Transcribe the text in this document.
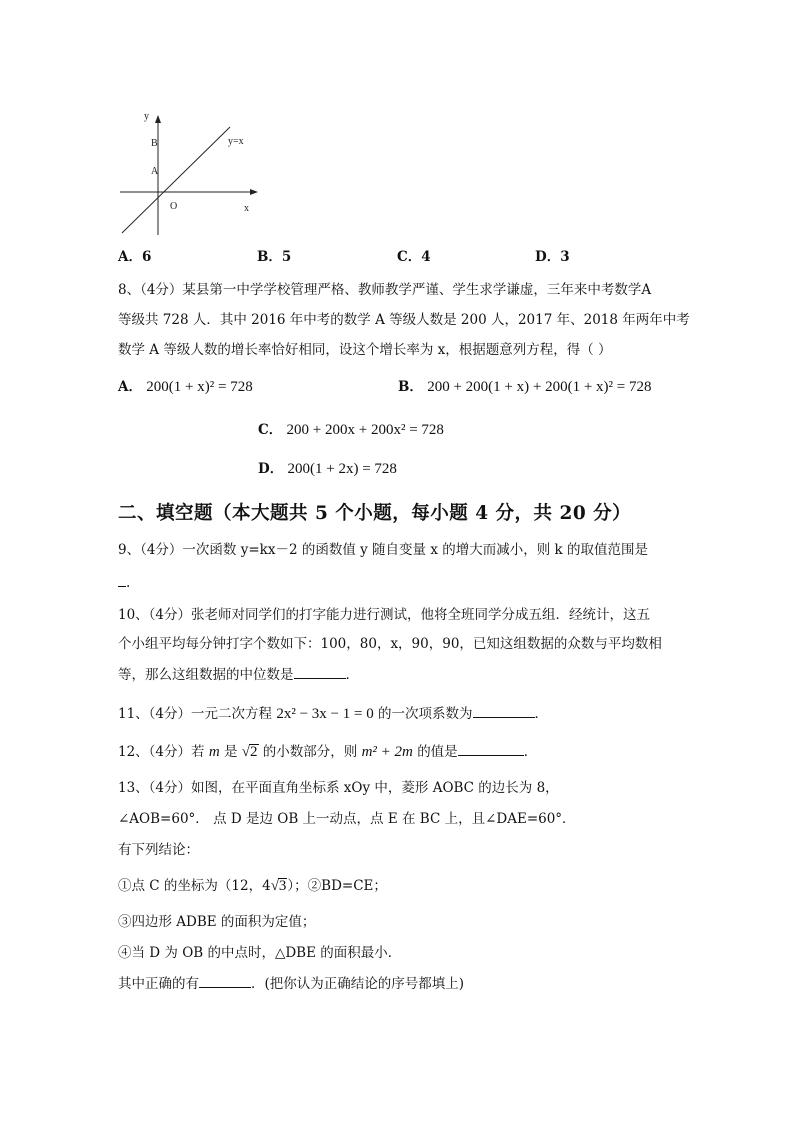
y
x
B
A
O
y=x
A．6	B．5	C．4	D．3
8、（4分）某县第一中学学校管理严格、教师教学严谨、学生求学谦虚，三年来中考数学A
等级共 728 人．其中 2016 年中考的数学 A 等级人数是 200 人，2017 年、2018 年两年中考
数学 A 等级人数的增长率恰好相同，设这个增长率为 x，根据题意列方程，得（ ）
A． 200(1 + x)² = 728	B． 200 + 200(1 + x) + 200(1 + x)² = 728
C． 200 + 200x + 200x² = 728
D． 200(1 + 2x) = 728
二、填空题（本大题共 5 个小题，每小题 4 分，共 20 分）
9、（4分）一次函数 y=kx－2 的函数值 y 随自变量 x 的增大而减小，则 k 的取值范围是
.
10、（4分）张老师对同学们的打字能力进行测试，他将全班同学分成五组．经统计，这五
个小组平均每分钟打字个数如下：100，80，x，90，90，已知这组数据的众数与平均数相
等，那么这组数据的中位数是	．
11、（4分）一元二次方程 2x² − 3x − 1 = 0 的一次项系数为	．
12、（4分）若 m 是 √2 的小数部分，则 m² + 2m 的值是	．
13、（4分）如图，在平面直角坐标系 xOy 中，菱形 AOBC 的边长为 8，
∠AOB=60°． 点 D 是边 OB 上一动点，点 E 在 BC 上，且∠DAE=60°．
有下列结论：
①点 C 的坐标为（12，4√3）；②BD=CE；
③四边形 ADBE 的面积为定值；
④当 D 为 OB 的中点时，△DBE 的面积最小．
其中正确的有	．(把你认为正确结论的序号都填上)
